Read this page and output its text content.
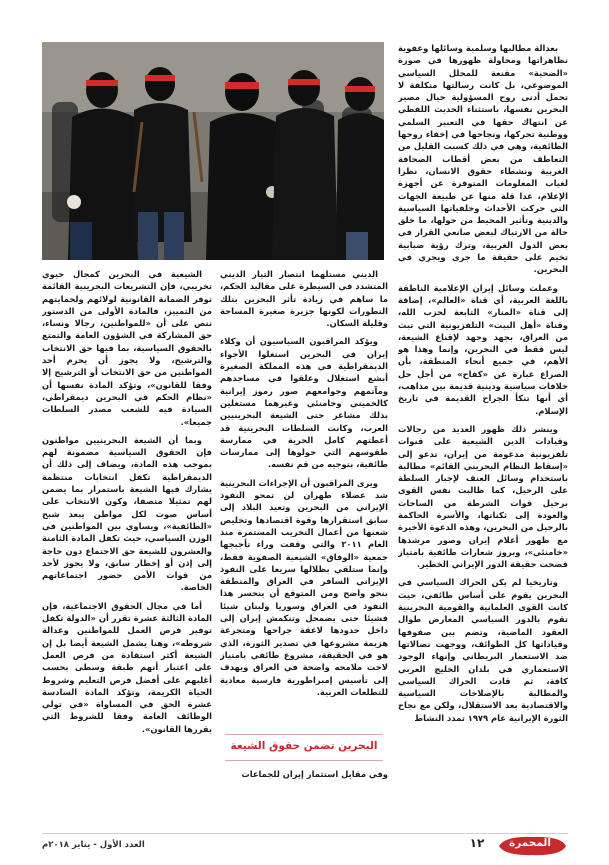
بعدالة مطالبها وسلمية وسائلها وعفوية تظاهراتها ومحاولة ظهورها في صورة «الضحية» مقنعة للمحلل السياسي الموضوعي، بل كانت رسالتها متكلفة لا تحمل أدنى روح المسؤولية حيال مصير البحرين نفسها، باستثناء الحديث اللفظي عن انتهاك حقها في التعبير السلمي ووطنية تحركها، ونجاحها في إخفاء روحها الطائفية، وهي في ذلك كسبت القليل من التعاطف من بعض أقطاب الصحافة الغربية ونشطاء حقوق الانسان، نظرا لغياب المعلومات المتوفرة عن أجهزة الإعلام، عدا قلة منها عن طبيعة الجهات التي حركت الأحداث وخلفياتها السياسية والدينية وتأثير المحيط من حولها، ما خلق حالة من الارتباك لبعض صانعي القرار في بعض الدول الغربية، وترك رؤية ضبابية تخيم على حقيقة ما جرى ويجري في البحرين.

وعملت وسائل إيران الإعلامية الناطقة باللغة العربية، أي قناة «العالم»، إضافة إلى قناة «المنار» التابعة لحزب الله، وقناة «أهل البيت» التلفزيونية التي تبث من العراق، بجهد وجهد لإقناع الشيعة، ليس فقط في البحرين، وإنما وهذا هو الأهم، في جميع أنحاء المنطقة، بأن الصراع عبارة عن «كفاح» من أجل حل خلافات سياسية ودينية قديمة بين مذاهب، أي أنها تنكأ الجراح القديمة في تاريخ الإسلام.

وينشر ذلك ظهور العديد من رجالات وقيادات الدين الشيعية على قنوات تلفزيونية مدعومة من إيران، تدعو إلى «إسقاط النظام البحريني القائم» مطالبة باستخدام وسائل العنف لإجبار السلطة على الرحيل، كما طالبت نفس القوى برحيل قوات الشرطة من الساحات والعودة إلى ثكناتها، والأسرة الحاكمة بالرحيل من البحرين، وهذه الدعوة الأخيرة مع ظهور أعلام إيران وصور مرشدها «خامنئي»، وبروز شعارات طائفية بامتياز فضحت حقيقة الدور الإيراني الخطير.

وتاريخيا لم يكن الحراك السياسي في البحرين يقوم على أساس طائفي، حيث كانت القوى العلمانية والقومية البحرينية تقوم بالدور السياسي المعارض طوال العقود الماضية، وتضم بين صفوفها وقياداتها كل الطوائف، ووجهت نضالاتها ضد الاستعمار البريطاني وإنهاء الوجود الاستعماري في بلدان الخليج العربي كافة، ثم قادت الحراك السياسي والمطالبة بالإصلاحات السياسية والاقتصادية بعد الاستقلال، ولكن مع نجاح الثورة الإيرانية عام ١٩٧٩ تمدد النشاط

الديني مستلهما انتصار التيار الديني المتشدد في السيطرة على مقاليد الحكم، ما ساهم في زيادة تأثر البحرين بتلك التطورات لكونها جزيرة صغيرة المساحة وقليلة السكان.

ويؤكد المراقبون السياسيون أن وكلاء إيران في البحرين استغلوا الأجواء الديمقراطية في هذه المملكة الصغيرة أبشع استغلال وعلقوا في مساجدهم ومآتمهم وجوامعهم صور رموز إيرانية كالخميني وخامنئي وغيرهما مستغلين بذلك مشاعر حتى الشيعة البحرينيين العرب، وكانت السلطات البحرينية قد أعطتهم كامل الحرية في ممارسة طقوسهم التي حولوها إلى ممارسات طائفية، بتوجيه من قم نفسه.

ويرى المراقبون أن الإجراءات البحرينية شد عضلاء طهران لن تمحو النفوذ الإيراني من البحرين وتعيد البلاد إلى سابق استقرارها وقوة اقتصادها وتخليص شعبها من أعمال التخريب المستمرة منذ العام ٢٠١١ والتي وقفت وراء تأجيجها جمعية «الوفاق» الشيعية الصفوية فقط، وإنما ستلقي بظلالها سريعا على النفوذ الإيراني السافر في العراق والمنطقة بنحو واضح ومن المتوقع أن ينحسر هذا النفوذ في العراق وسوريا ولبنان شيئا فشيئا حتى يضمحل وتنكمش إيران إلى داخل حدودها لاعقة جراحها ومتجرعة هزيمة مشروعها في تصدير الثورة، الذي هو في الحقيقة، مشروع طائفي بامتياز لاحت ملامحه واضحة في العراق ويهدف إلى تأسيس إمبراطورية فارسية معادية للتطلعات العربية.

البحرين تضمن حقوق الشيعة
وفي مقابل استثمار إيران للجماعات

الشيعية في البحرين كمجال حيوي تخريبي، فإن التشريعات البحرينية القائمة توفر الضمانة القانونية لولائهم ولحمايتهم من التمييز، فالمادة الأولى من الدستور تنص على أن «للمواطنين، رجالا ونساء، حق المشاركة في الشؤون العامة والتمتع بالحقوق السياسية، بما فيها حق الانتخاب والترشيح، ولا يجوز أن يحرم أحد المواطنين من حق الانتخاب أو الترشيح إلا وفقا للقانون»، وتؤكد المادة نفسها أن «نظام الحكم في البحرين ديمقراطي، السيادة فيه للشعب مصدر السلطات جميعا».

وبما أن الشيعة البحرينيين مواطنون فإن الحقوق السياسية مضمونة لهم بموجب هذه المادة، ويضاف إلى ذلك أن الديمقراطية تكفل انتخابات منتظمة يشارك فيها الشيعة باستمرار بما يضمن لهم تمثيلا منصفا، وكون الانتخاب على أساس صوت لكل مواطن يبعد شبح «الطائفية»، ويساوي بين المواطنين في الوزن السياسي، حيث تكفل المادة الثامنة والعشرون للشيعة حق الاجتماع دون حاجة إلى إذن أو إخطار سابق، ولا يجوز لأحد من قوات الأمن حضور اجتماعاتهم الخاصة.

أما في مجال الحقوق الاجتماعية، فإن المادة الثالثة عشرة تقرر أن «الدولة تكفل توفير فرص العمل للمواطنين وعدالة شروطه»، وهنا يشمل الشيعة أيضا بل إن الشيعة أكثر استفادة من فرص العمل على اعتبار أنهم طبقة وسطى بحسب أغلبهم على أفضل فرص التعليم وشروط الحياة الكريمة، وتؤكد المادة السادسة عشرة الحق في المساواة «في تولي الوظائف العامة وفقا للشروط التي يقررها القانون».

المحمرة
١٢
العدد الأول - يناير ٢٠١٨م
